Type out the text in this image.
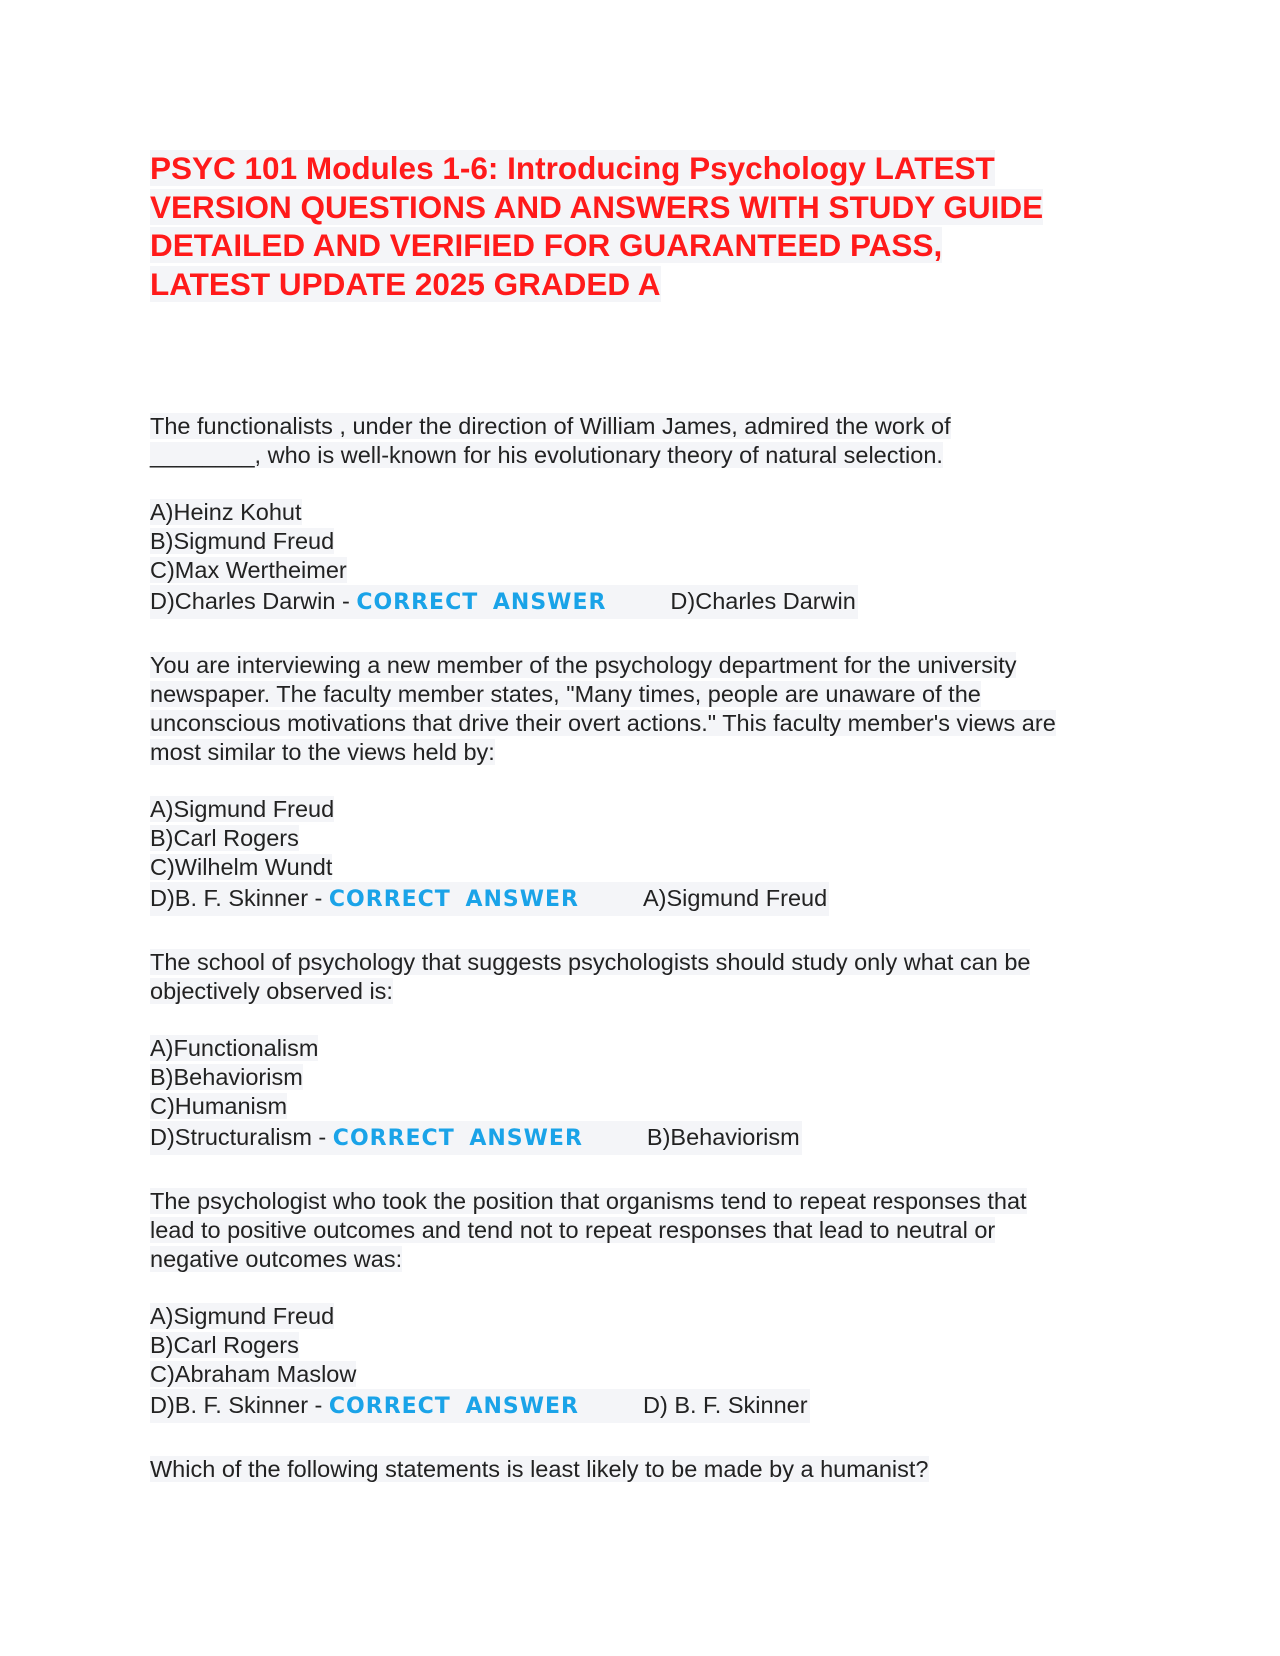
PSYC 101 Modules 1-6: Introducing Psychology LATEST
VERSION QUESTIONS AND ANSWERS WITH STUDY GUIDE
DETAILED AND VERIFIED FOR GUARANTEED PASS,
LATEST UPDATE 2025 GRADED A

The functionalists , under the direction of William James, admired the work of
________, who is well-known for his evolutionary theory of natural selection.

A)Heinz Kohut
B)Sigmund Freud
C)Max Wertheimer
D)Charles Darwin - CORRECT ANSWER	D)Charles Darwin

You are interviewing a new member of the psychology department for the university
newspaper. The faculty member states, "Many times, people are unaware of the
unconscious motivations that drive their overt actions." This faculty member's views are
most similar to the views held by:

A)Sigmund Freud
B)Carl Rogers
C)Wilhelm Wundt
D)B. F. Skinner - CORRECT ANSWER	A)Sigmund Freud

The school of psychology that suggests psychologists should study only what can be
objectively observed is:

A)Functionalism
B)Behaviorism
C)Humanism
D)Structuralism - CORRECT ANSWER	B)Behaviorism

The psychologist who took the position that organisms tend to repeat responses that
lead to positive outcomes and tend not to repeat responses that lead to neutral or
negative outcomes was:

A)Sigmund Freud
B)Carl Rogers
C)Abraham Maslow
D)B. F. Skinner - CORRECT ANSWER	D) B. F. Skinner

Which of the following statements is least likely to be made by a humanist?
